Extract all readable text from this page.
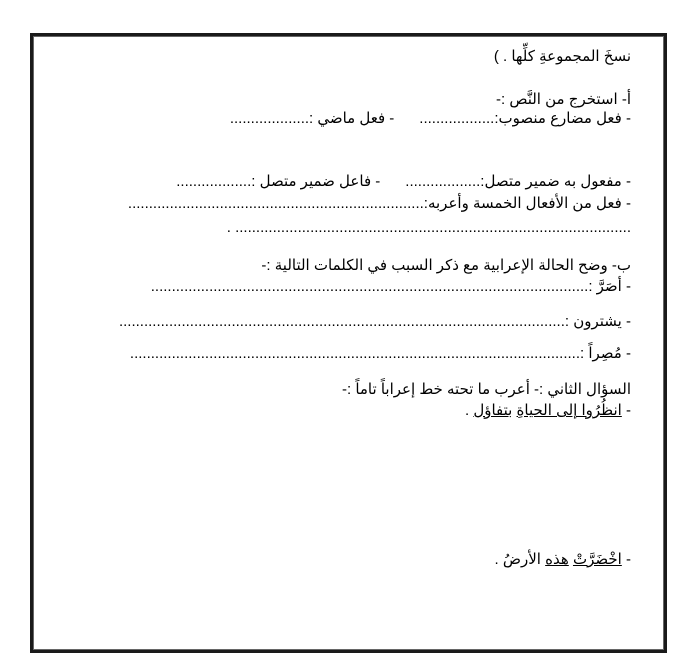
نسخَ المجموعةِ كلِّها . )
أ- استخرج من النَّص :-
- فعل مضارع منصوب:..................      - فعل ماضي :...................
- مفعول به ضمير متصل:..................      - فاعل ضمير متصل :..................
- فعل من الأفعال الخمسة وأعربه:.......................................................................
............................................................................................... .
ب- وضح الحالة الإعرابية مع ذكر السبب في الكلمات التالية :-
- أصَرَّ :.........................................................................................................
- يشترون :...........................................................................................................
- مُصِراً :............................................................................................................
السؤال الثاني :- أعرب ما تحته خط إعراباً تاماً :-
- انظُرُوا إلى الحياةِ بتفاؤل .
- اخْضَرَّتْ هذه الأرضُ .
